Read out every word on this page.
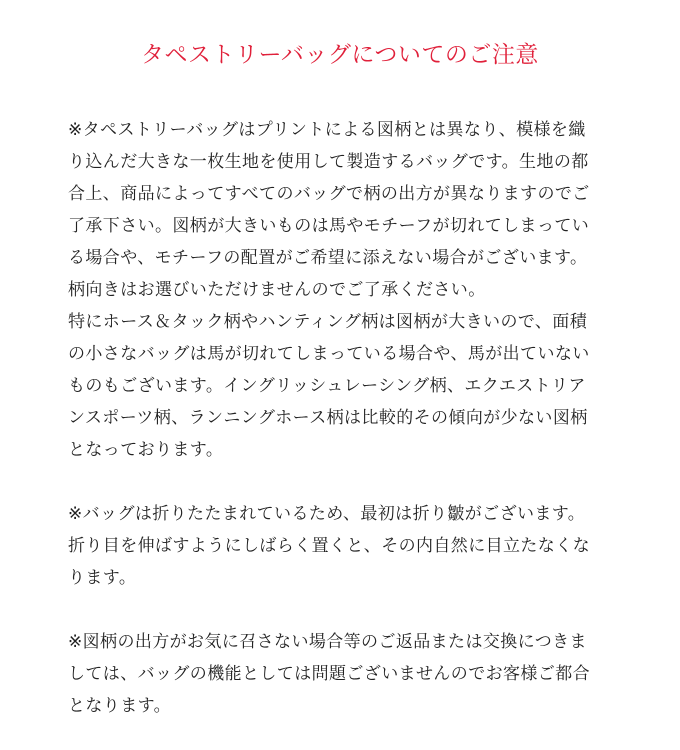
タペストリーバッグについてのご注意

※タペストリーバッグはプリントによる図柄とは異なり、模様を織
り込んだ大きな一枚生地を使用して製造するバッグです。生地の都
合上、商品によってすべてのバッグで柄の出方が異なりますのでご
了承下さい。図柄が大きいものは馬やモチーフが切れてしまってい
る場合や、モチーフの配置がご希望に添えない場合がございます。
柄向きはお選びいただけませんのでご了承ください。

特にホース＆タック柄やハンティング柄は図柄が大きいので、面積
の小さなバッグは馬が切れてしまっている場合や、馬が出ていない
ものもございます。イングリッシュレーシング柄、エクエストリア
ンスポーツ柄、ランニングホース柄は比較的その傾向が少ない図柄
となっております。

※バッグは折りたたまれているため、最初は折り皺がございます。
折り目を伸ばすようにしばらく置くと、その内自然に目立たなくな
ります。

※図柄の出方がお気に召さない場合等のご返品または交換につきま
しては、バッグの機能としては問題ございませんのでお客様ご都合
となります。
